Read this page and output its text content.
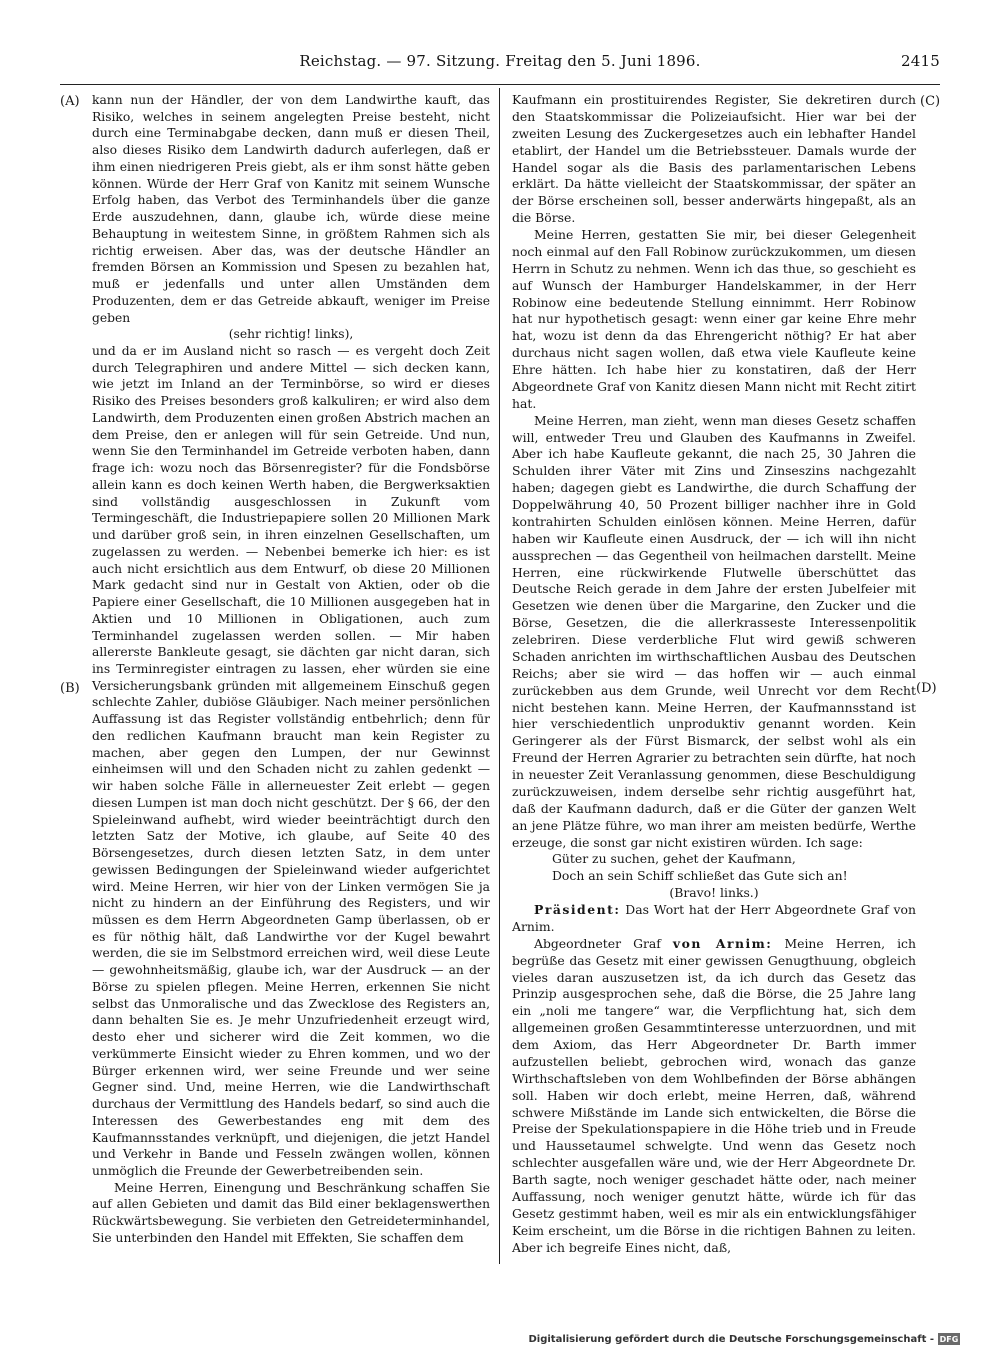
Reichstag. — 97. Sitzung. Freitag den 5. Juni 1896.	2415
(A)
(B)
(C)
(D)

kann nun der Händler, der von dem Landwirthe kauft, das Risiko, welches in seinem angelegten Preise besteht, nicht durch eine Terminabgabe decken, dann muß er diesen Theil, also dieses Risiko dem Landwirth dadurch auferlegen, daß er ihm einen niedrigeren Preis giebt, als er ihm sonst hätte geben können. Würde der Herr Graf von Kanitz mit seinem Wunsche Erfolg haben, das Verbot des Terminhandels über die ganze Erde auszudehnen, dann, glaube ich, würde diese meine Behauptung in weitestem Sinne, in größtem Rahmen sich als richtig erweisen. Aber das, was der deutsche Händler an fremden Börsen an Kommission und Spesen zu bezahlen hat, muß er jedenfalls und unter allen Umständen dem Produzenten, dem er das Getreide abkauft, weniger im Preise geben

(sehr richtig! links),

und da er im Ausland nicht so rasch — es vergeht doch Zeit durch Telegraphiren und andere Mittel — sich decken kann, wie jetzt im Inland an der Terminbörse, so wird er dieses Risiko des Preises besonders groß kalkuliren; er wird also dem Landwirth, dem Produzenten einen großen Abstrich machen an dem Preise, den er anlegen will für sein Getreide. Und nun, wenn Sie den Terminhandel im Getreide verboten haben, dann frage ich: wozu noch das Börsenregister? für die Fondsbörse allein kann es doch keinen Werth haben, die Bergwerksaktien sind vollständig ausgeschlossen in Zukunft vom Termingeschäft, die Industriepapiere sollen 20 Millionen Mark und darüber groß sein, in ihren einzelnen Gesellschaften, um zugelassen zu werden. — Nebenbei bemerke ich hier: es ist auch nicht ersichtlich aus dem Entwurf, ob diese 20 Millionen Mark gedacht sind nur in Gestalt von Aktien, oder ob die Papiere einer Gesellschaft, die 10 Millionen ausgegeben hat in Aktien und 10 Millionen in Obligationen, auch zum Terminhandel zugelassen werden sollen. — Mir haben allererste Bankleute gesagt, sie dächten gar nicht daran, sich ins Terminregister eintragen zu lassen, eher würden sie eine Versicherungsbank gründen mit allgemeinem Einschuß gegen schlechte Zahler, dubiöse Gläubiger. Nach meiner persönlichen Auffassung ist das Register vollständig entbehrlich; denn für den redlichen Kaufmann braucht man kein Register zu machen, aber gegen den Lumpen, der nur Gewinnst einheimsen will und den Schaden nicht zu zahlen gedenkt — wir haben solche Fälle in allerneuester Zeit erlebt — gegen diesen Lumpen ist man doch nicht geschützt. Der § 66, der den Spieleinwand aufhebt, wird wieder beeinträchtigt durch den letzten Satz der Motive, ich glaube, auf Seite 40 des Börsengesetzes, durch diesen letzten Satz, in dem unter gewissen Bedingungen der Spieleinwand wieder aufgerichtet wird. Meine Herren, wir hier von der Linken vermögen Sie ja nicht zu hindern an der Einführung des Registers, und wir müssen es dem Herrn Abgeordneten Gamp überlassen, ob er es für nöthig hält, daß Landwirthe vor der Kugel bewahrt werden, die sie im Selbstmord erreichen wird, weil diese Leute — gewohnheitsmäßig, glaube ich, war der Ausdruck — an der Börse zu spielen pflegen. Meine Herren, erkennen Sie nicht selbst das Unmoralische und das Zwecklose des Registers an, dann behalten Sie es. Je mehr Unzufriedenheit erzeugt wird, desto eher und sicherer wird die Zeit kommen, wo die verkümmerte Einsicht wieder zu Ehren kommen, und wo der Bürger erkennen wird, wer seine Freunde und wer seine Gegner sind. Und, meine Herren, wie die Landwirthschaft durchaus der Vermittlung des Handels bedarf, so sind auch die Interessen des Gewerbestandes eng mit dem des Kaufmannsstandes verknüpft, und diejenigen, die jetzt Handel und Verkehr in Bande und Fesseln zwängen wollen, können unmöglich die Freunde der Gewerbetreibenden sein.

Meine Herren, Einengung und Beschränkung schaffen Sie auf allen Gebieten und damit das Bild einer beklagenswerthen Rückwärtsbewegung. Sie verbieten den Getreideterminhandel, Sie unterbinden den Handel mit Effekten, Sie schaffen dem

Kaufmann ein prostituirendes Register, Sie dekretiren durch den Staatskommissar die Polizeiaufsicht. Hier war bei der zweiten Lesung des Zuckergesetzes auch ein lebhafter Handel etablirt, der Handel um die Betriebssteuer. Damals wurde der Handel sogar als die Basis des parlamentarischen Lebens erklärt. Da hätte vielleicht der Staatskommissar, der später an der Börse erscheinen soll, besser anderwärts hingepaßt, als an die Börse.

Meine Herren, gestatten Sie mir, bei dieser Gelegenheit noch einmal auf den Fall Robinow zurückzukommen, um diesen Herrn in Schutz zu nehmen. Wenn ich das thue, so geschieht es auf Wunsch der Hamburger Handelskammer, in der Herr Robinow eine bedeutende Stellung einnimmt. Herr Robinow hat nur hypothetisch gesagt: wenn einer gar keine Ehre mehr hat, wozu ist denn da das Ehrengericht nöthig? Er hat aber durchaus nicht sagen wollen, daß etwa viele Kaufleute keine Ehre hätten. Ich habe hier zu konstatiren, daß der Herr Abgeordnete Graf von Kanitz diesen Mann nicht mit Recht zitirt hat.

Meine Herren, man zieht, wenn man dieses Gesetz schaffen will, entweder Treu und Glauben des Kaufmanns in Zweifel. Aber ich habe Kaufleute gekannt, die nach 25, 30 Jahren die Schulden ihrer Väter mit Zins und Zinseszins nachgezahlt haben; dagegen giebt es Landwirthe, die durch Schaffung der Doppelwährung 40, 50 Prozent billiger nachher ihre in Gold kontrahirten Schulden einlösen können. Meine Herren, dafür haben wir Kaufleute einen Ausdruck, der — ich will ihn nicht aussprechen — das Gegentheil von heilmachen darstellt. Meine Herren, eine rückwirkende Flutwelle überschüttet das Deutsche Reich gerade in dem Jahre der ersten Jubelfeier mit Gesetzen wie denen über die Margarine, den Zucker und die Börse, Gesetzen, die die allerkrasseste Interessenpolitik zelebriren. Diese verderbliche Flut wird gewiß schweren Schaden anrichten im wirthschaftlichen Ausbau des Deutschen Reichs; aber sie wird — das hoffen wir — auch einmal zurückebben aus dem Grunde, weil Unrecht vor dem Recht nicht bestehen kann. Meine Herren, der Kaufmannsstand ist hier verschiedentlich unproduktiv genannt worden. Kein Geringerer als der Fürst Bismarck, der selbst wohl als ein Freund der Herren Agrarier zu betrachten sein dürfte, hat noch in neuester Zeit Veranlassung genommen, diese Beschuldigung zurückzuweisen, indem derselbe sehr richtig ausgeführt hat, daß der Kaufmann dadurch, daß er die Güter der ganzen Welt an jene Plätze führe, wo man ihrer am meisten bedürfe, Werthe erzeuge, die sonst gar nicht existiren würden. Ich sage:

Güter zu suchen, gehet der Kaufmann,

Doch an sein Schiff schließet das Gute sich an!

(Bravo! links.)

Präsident: Das Wort hat der Herr Abgeordnete Graf von Arnim.

Abgeordneter Graf von Arnim: Meine Herren, ich begrüße das Gesetz mit einer gewissen Genugthuung, obgleich vieles daran auszusetzen ist, da ich durch das Gesetz das Prinzip ausgesprochen sehe, daß die Börse, die 25 Jahre lang ein „noli me tangere“ war, die Verpflichtung hat, sich dem allgemeinen großen Gesammtinteresse unterzuordnen, und mit dem Axiom, das Herr Abgeordneter Dr. Barth immer aufzustellen beliebt, gebrochen wird, wonach das ganze Wirthschaftsleben von dem Wohlbefinden der Börse abhängen soll. Haben wir doch erlebt, meine Herren, daß, während schwere Mißstände im Lande sich entwickelten, die Börse die Preise der Spekulationspapiere in die Höhe trieb und in Freude und Haussetaumel schwelgte. Und wenn das Gesetz noch schlechter ausgefallen wäre und, wie der Herr Abgeordnete Dr. Barth sagte, noch weniger geschadet hätte oder, nach meiner Auffassung, noch weniger genutzt hätte, würde ich für das Gesetz gestimmt haben, weil es mir als ein entwicklungsfähiger Keim erscheint, um die Börse in die richtigen Bahnen zu leiten. Aber ich begreife Eines nicht, daß,

Digitalisierung gefördert durch die Deutsche Forschungsgemeinschaft - DFG
